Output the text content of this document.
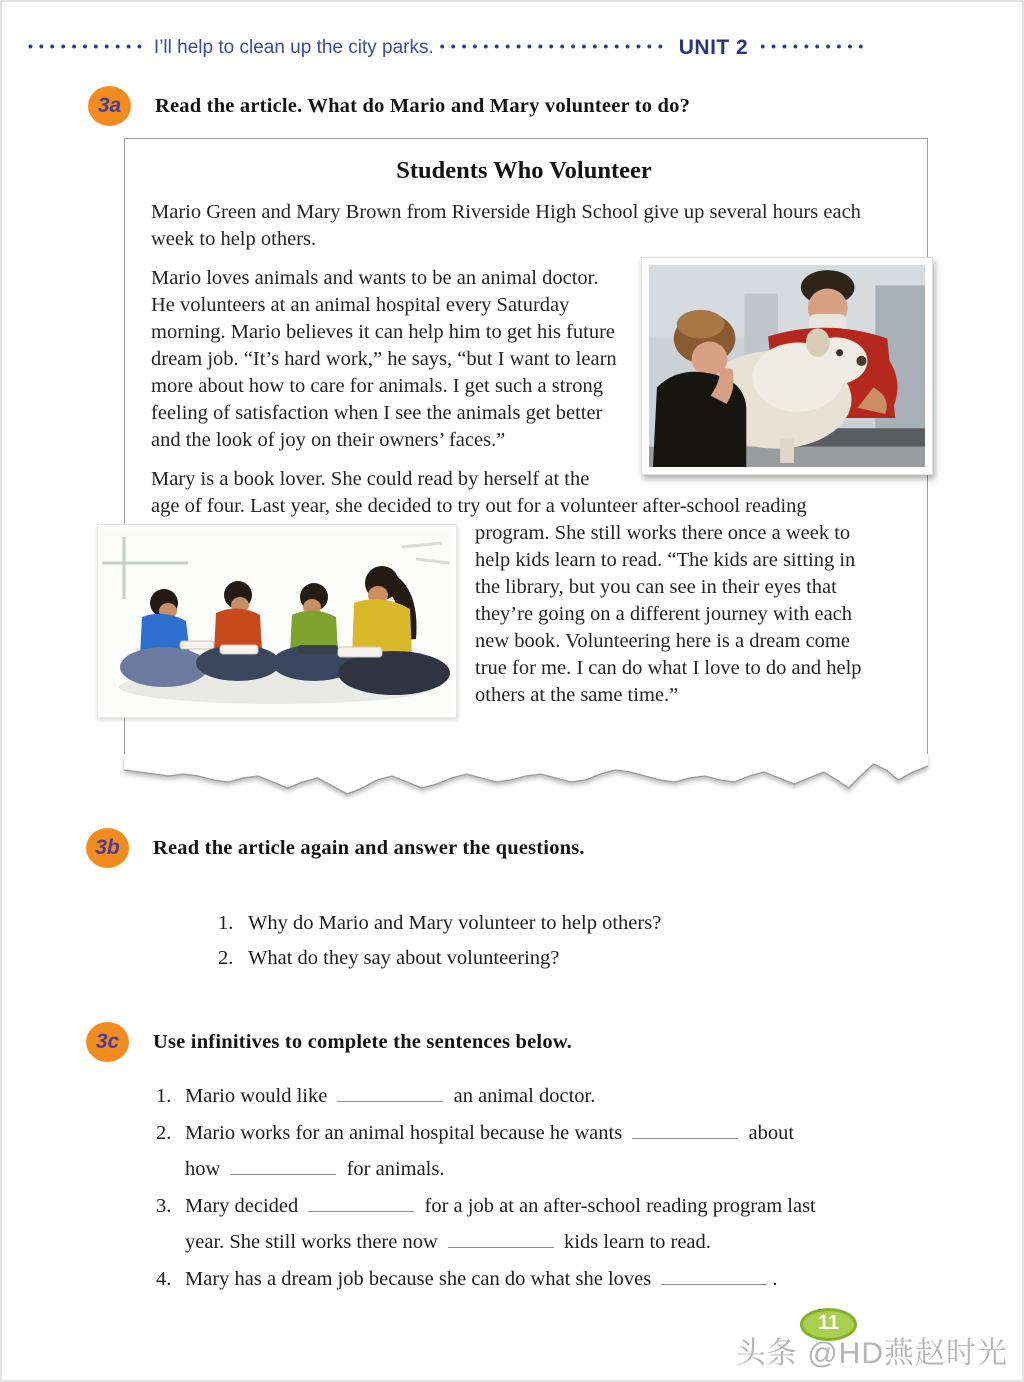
••••••••••• I’ll help to clean up the city parks. ••••••••••••••••••••• UNIT 2 ••••••••••
3a	Read the article. What do Mario and Mary volunteer to do?
Students Who Volunteer

Mario Green and Mary Brown from Riverside High School give up several hours each week to help others.

Mario loves animals and wants to be an animal doctor. He volunteers at an animal hospital every Saturday morning. Mario believes it can help him to get his future dream job. “It’s hard work,” he says, “but I want to learn more about how to care for animals. I get such a strong feeling of satisfaction when I see the animals get better and the look of joy on their owners’ faces.”

Mary is a book lover. She could read by herself at the age of four. Last year, she decided to try out for a volunteer after-school reading program. She still works there once a week to help kids learn to read. “The kids are sitting in the library, but you can see in their eyes that they’re going on a different journey with each new book. Volunteering here is a dream come true for me. I can do what I love to do and help others at the same time.”

3b	Read the article again and answer the questions.
1. Why do Mario and Mary volunteer to help others?
2. What do they say about volunteering?
3c	Use infinitives to complete the sentences below.
1. Mario would like	an animal doctor.
2. Mario works for an animal hospital because he wants	about
how	for animals.
3. Mary decided	for a job at an after-school reading program last
year. She still works there now	kids learn to read.
4. Mary has a dream job because she can do what she loves	.
11
头条 @HD燕赵时光
